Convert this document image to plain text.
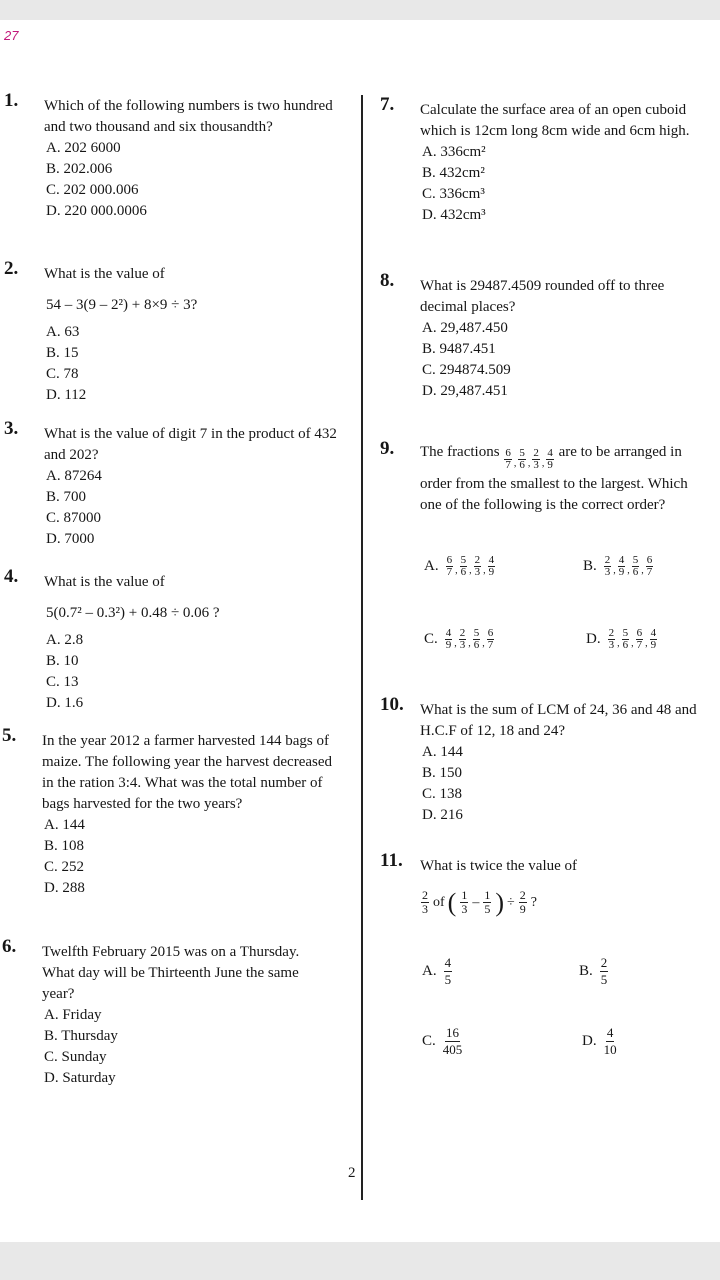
27
1. Which of the following numbers is two hundred and two thousand and six thousandth?
A. 202 6000
B. 202.006
C. 202 000.006
D. 220 000.0006
2. What is the value of
54 – 3(9 – 2²) + 8×9 ÷ 3?
A. 63
B. 15
C. 78
D. 112
3. What is the value of digit 7 in the product of 432 and 202?
A. 87264
B. 700
C. 87000
D. 7000
4. What is the value of
5(0.7² – 0.3²) + 0.48 ÷ 0.06 ?
A. 2.8
B. 10
C. 13
D. 1.6
5. In the year 2012 a farmer harvested 144 bags of maize. The following year the harvest decreased in the ration 3:4. What was the total number of bags harvested for the two years?
A. 144
B. 108
C. 252
D. 288
6. Twelfth February 2015 was on a Thursday. What day will be Thirteenth June the same year?
A. Friday
B. Thursday
C. Sunday
D. Saturday
7. Calculate the surface area of an open cuboid which is 12cm long 8cm wide and 6cm high.
A. 336cm²
B. 432cm²
C. 336cm³
D. 432cm³
8. What is 29487.4509 rounded off to three decimal places?
A. 29,487.450
B. 9487.451
C. 294874.509
D. 29,487.451
9. The fractions $\frac{6}{7}$ , $\frac{5}{6}$ , $\frac{2}{3}$ , $\frac{4}{9}$ are to be arranged in order from the smallest to the largest. Which one of the following is the correct order?
A. $\frac{6}{7}$ , $\frac{5}{6}$ , $\frac{2}{3}$ , $\frac{4}{9}$	B. $\frac{2}{3}$ , $\frac{4}{9}$ , $\frac{5}{6}$ , $\frac{6}{7}$
C. $\frac{4}{9}$ , $\frac{2}{3}$ , $\frac{5}{6}$ , $\frac{6}{7}$	D. $\frac{2}{3}$ , $\frac{5}{6}$ , $\frac{6}{7}$ , $\frac{4}{9}$
10. What is the sum of LCM of 24, 36 and 48 and H.C.F of 12, 18 and 24?
A. 144
B. 150
C. 138
D. 216
11. What is twice the value of
$\frac{2}{3}$ of ( $\frac{1}{3} - \frac{1}{5}$ ) ÷ $\frac{2}{9}$ ?
A. $\frac{4}{5}$	B. $\frac{2}{5}$
C. $\frac{16}{405}$	D. $\frac{4}{10}$
2
